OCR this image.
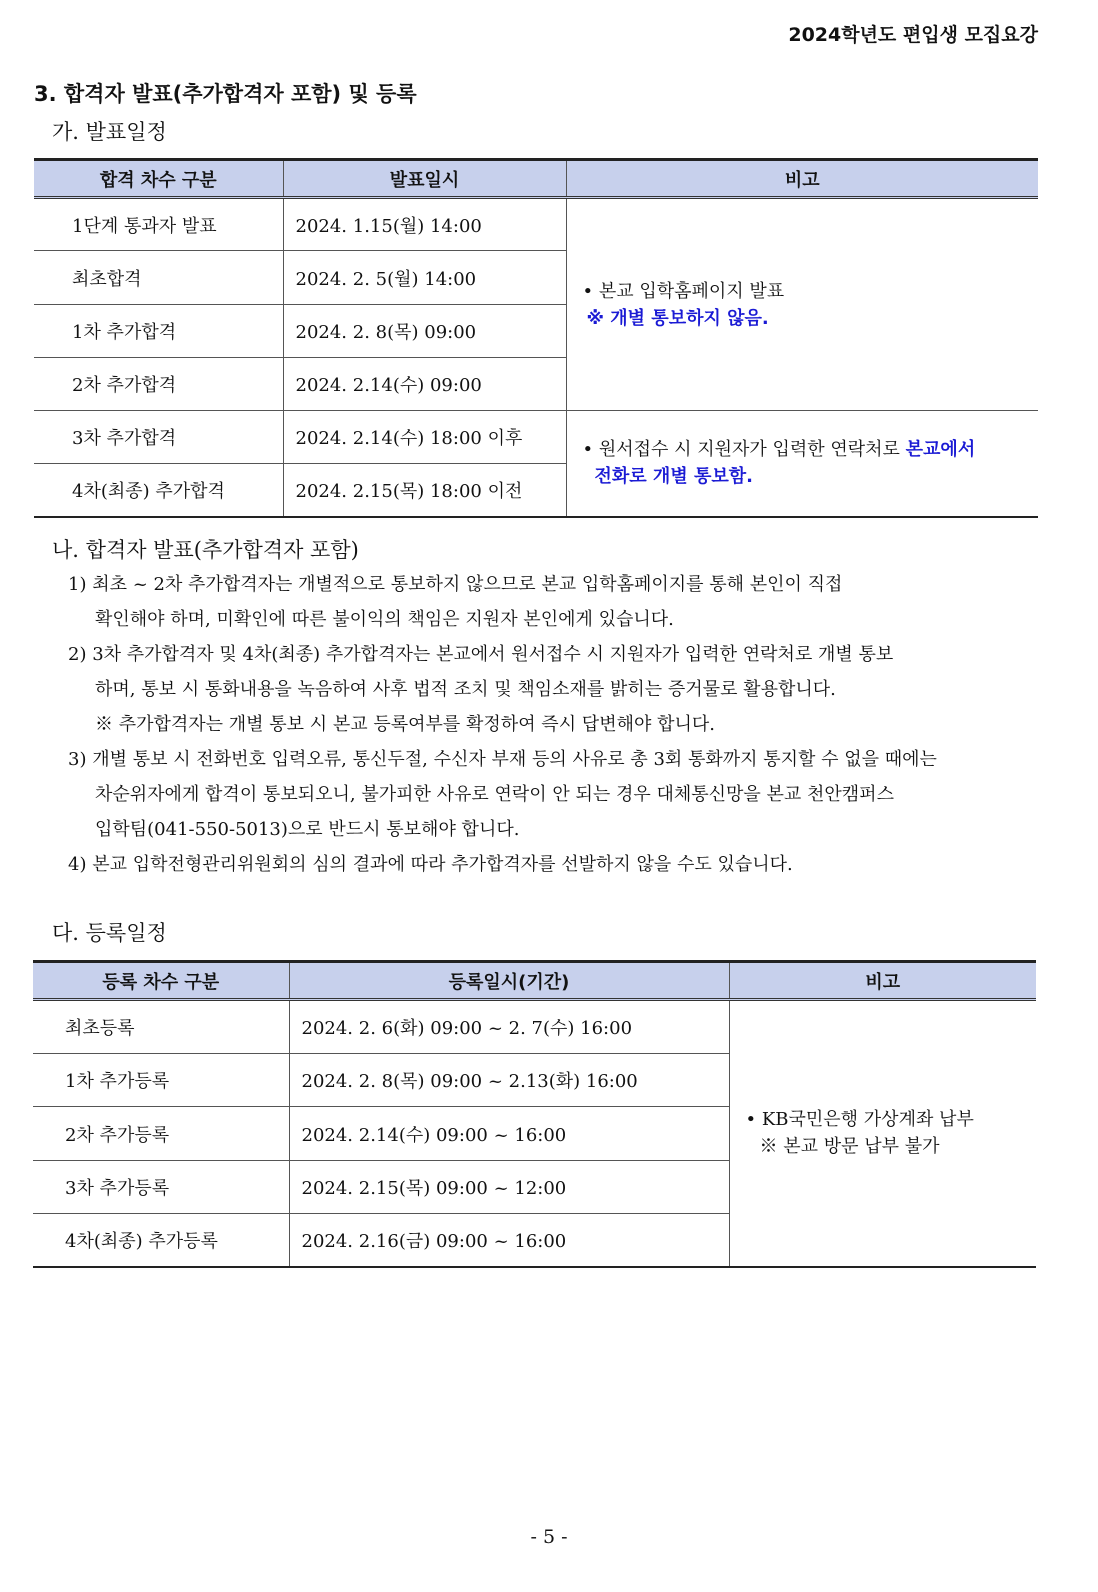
2024학년도 편입생 모집요강
3. 합격자 발표(추가합격자 포함) 및 등록
가. 발표일정
합격 차수 구분	발표일시	비고
1단계 통과자 발표	2024. 1.15(월) 14:00	• 본교 입학홈페이지 발표
※ 개별 통보하지 않음.

최초합격	2024. 2. 5(월) 14:00	
1차 추가합격	2024. 2. 8(목) 09:00	
2차 추가합격	2024. 2.14(수) 09:00	
3차 추가합격	2024. 2.14(수) 18:00 이후	• 원서접수 시 지원자가 입력한 연락처로 본교에서
전화로 개별 통보함.

4차(최종) 추가합격	2024. 2.15(목) 18:00 이전	
나. 합격자 발표(추가합격자 포함)
1) 최초 ~ 2차 추가합격자는 개별적으로 통보하지 않으므로 본교 입학홈페이지를 통해 본인이 직접
확인해야 하며, 미확인에 따른 불이익의 책임은 지원자 본인에게 있습니다.
2) 3차 추가합격자 및 4차(최종) 추가합격자는 본교에서 원서접수 시 지원자가 입력한 연락처로 개별 통보
하며, 통보 시 통화내용을 녹음하여 사후 법적 조치 및 책임소재를 밝히는 증거물로 활용합니다.
※ 추가합격자는 개별 통보 시 본교 등록여부를 확정하여 즉시 답변해야 합니다.
3) 개별 통보 시 전화번호 입력오류, 통신두절, 수신자 부재 등의 사유로 총 3회 통화까지 통지할 수 없을 때에는
차순위자에게 합격이 통보되오니, 불가피한 사유로 연락이 안 되는 경우 대체통신망을 본교 천안캠퍼스
입학팀(041-550-5013)으로 반드시 통보해야 합니다.
4) 본교 입학전형관리위원회의 심의 결과에 따라 추가합격자를 선발하지 않을 수도 있습니다.
다. 등록일정
등록 차수 구분	등록일시(기간)	비고
최초등록	2024. 2. 6(화) 09:00 ~ 2. 7(수) 16:00	• KB국민은행 가상계좌 납부
※ 본교 방문 납부 불가

1차 추가등록	2024. 2. 8(목) 09:00 ~ 2.13(화) 16:00	
2차 추가등록	2024. 2.14(수) 09:00 ~ 16:00	
3차 추가등록	2024. 2.15(목) 09:00 ~ 12:00	
4차(최종) 추가등록	2024. 2.16(금) 09:00 ~ 16:00	
- 5 -
